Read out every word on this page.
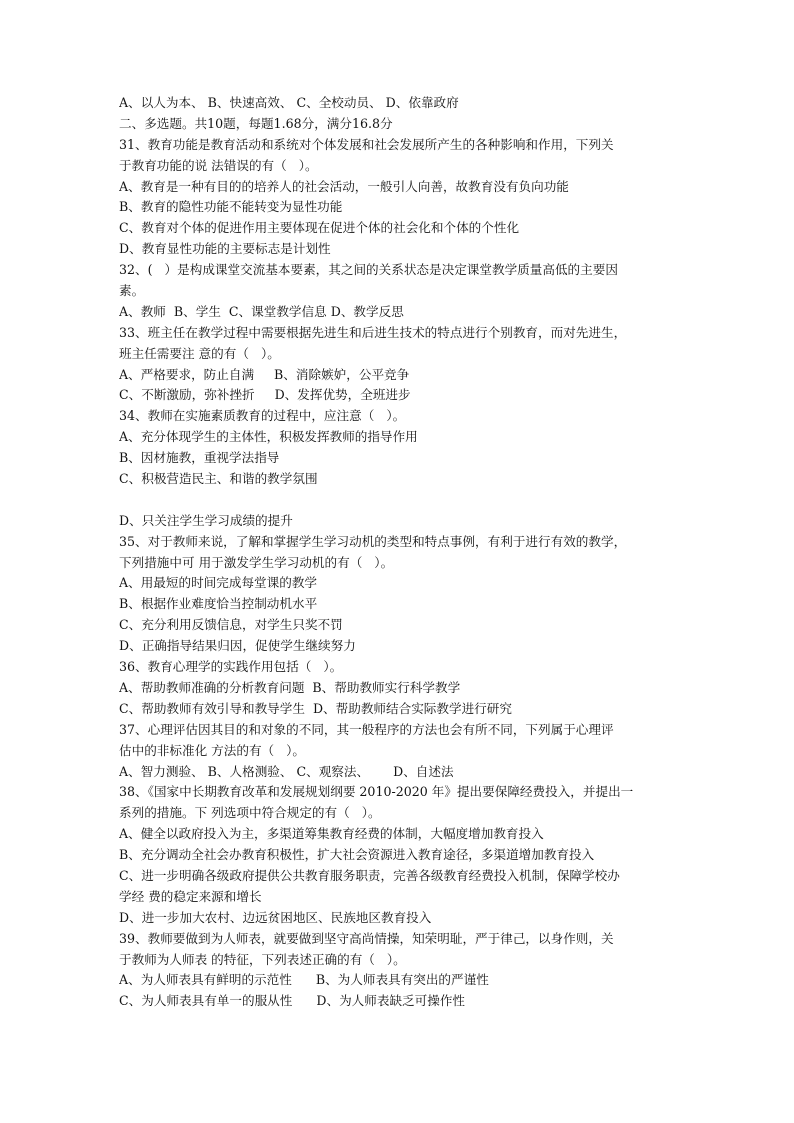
A、以人为本、 B、快速高效、 C、全校动员、 D、依靠政府
二、多选题。共10题，每题1.68分，满分16.8分
31、教育功能是教育活动和系统对个体发展和社会发展所产生的各种影响和作用，下列关
于教育功能的说 法错误的有（   ）。
A、教育是一种有目的的培养人的社会活动，一般引人向善，故教育没有负向功能
B、教育的隐性功能不能转变为显性功能
C、教育对个体的促进作用主要体现在促进个体的社会化和个体的个性化
D、教育显性功能的主要标志是计划性
32、(   ）是构成课堂交流基本要素，其之间的关系状态是决定课堂教学质量高低的主要因
素。
A、教师  B、学生  C、课堂教学信息 D、教学反思
33、班主任在教学过程中需要根据先进生和后进生技术的特点进行个别教育，而对先进生，
班主任需要注 意的有（   ）。
A、严格要求，防止自满     B、消除嫉妒，公平竞争
C、不断激励，弥补挫折     D、发挥优势，全班进步
34、教师在实施素质教育的过程中，应注意（   ）。
A、充分体现学生的主体性，积极发挥教师的指导作用
B、因材施教，重视学法指导
C、积极营造民主、和谐的教学氛围
D、只关注学生学习成绩的提升
35、对于教师来说，了解和掌握学生学习动机的类型和特点事例，有利于进行有效的教学，
下列措施中可 用于激发学生学习动机的有（   ）。
A、用最短的时间完成每堂课的教学
B、根据作业难度恰当控制动机水平
C、充分利用反馈信息，对学生只奖不罚
D、正确指导结果归因，促使学生继续努力
36、教育心理学的实践作用包括（   ）。
A、帮助教师准确的分析教育问题  B、帮助教师实行科学教学
C、帮助教师有效引导和教导学生  D、帮助教师结合实际教学进行研究
37、心理评估因其目的和对象的不同，其一般程序的方法也会有所不同，下列属于心理评
估中的非标准化 方法的有（   ）。
A、智力测验、 B、人格测验、 C、观察法、      D、自述法
38、《国家中长期教育改革和发展规划纲要 2010-2020 年》提出要保障经费投入，并提出一
系列的措施。下 列选项中符合规定的有（   ）。
A、健全以政府投入为主，多渠道筹集教育经费的体制，大幅度增加教育投入
B、充分调动全社会办教育积极性，扩大社会资源进入教育途径，多渠道增加教育投入
C、进一步明确各级政府提供公共教育服务职责，完善各级教育经费投入机制，保障学校办
学经 费的稳定来源和增长
D、进一步加大农村、边远贫困地区、民族地区教育投入
39、教师要做到为人师表，就要做到坚守高尚情操，知荣明耻，严于律己，以身作则，关
于教师为人师表 的特征，下列表述正确的有（   ）。
A、为人师表具有鲜明的示范性      B、为人师表具有突出的严谨性
C、为人师表具有单一的服从性      D、为人师表缺乏可操作性
